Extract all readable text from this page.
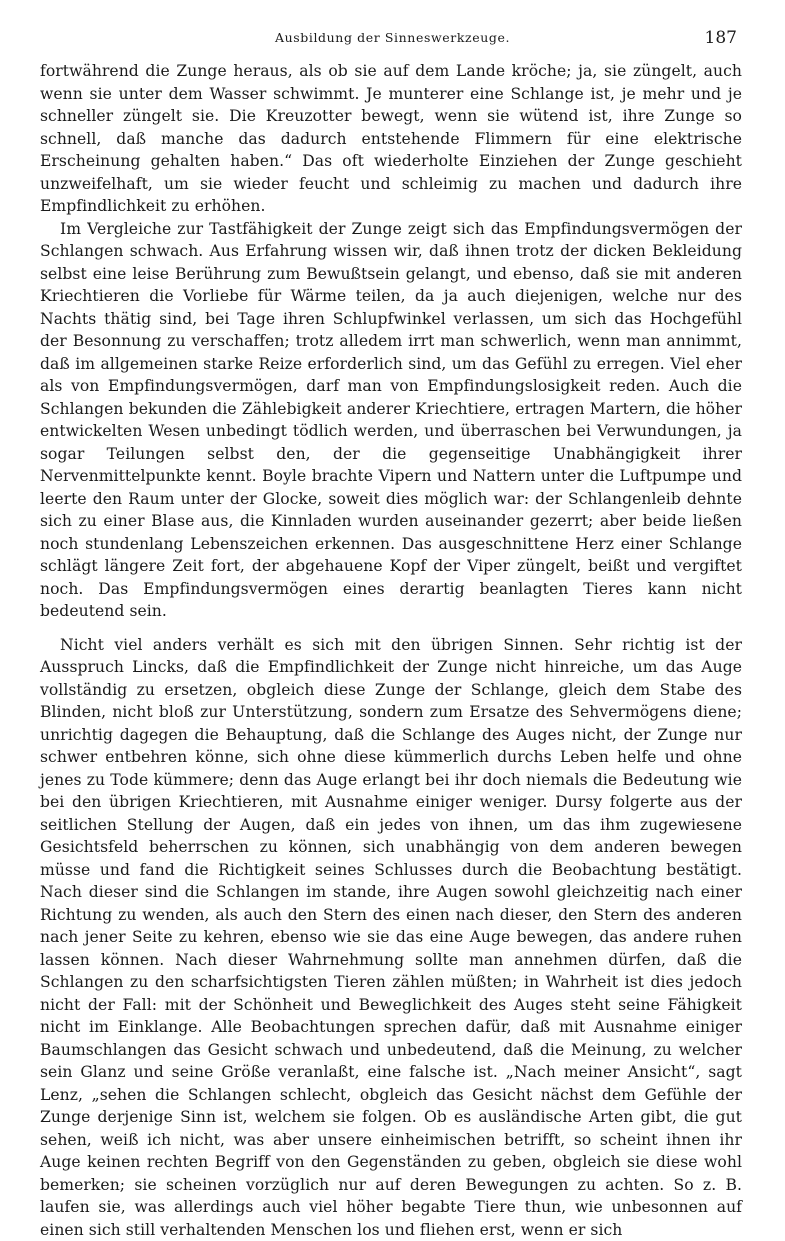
Ausbildung der Sinneswerkzeuge.	187

fortwährend die Zunge heraus, als ob sie auf dem Lande kröche; ja, sie züngelt, auch wenn sie unter dem Wasser schwimmt. Je munterer eine Schlange ist, je mehr und je schneller züngelt sie. Die Kreuzotter bewegt, wenn sie wütend ist, ihre Zunge so schnell, daß manche das dadurch entstehende Flimmern für eine elektrische Erscheinung gehalten haben.“ Das oft wiederholte Einziehen der Zunge geschieht unzweifelhaft, um sie wieder feucht und schleimig zu machen und dadurch ihre Empfindlichkeit zu erhöhen.

Im Vergleiche zur Tastfähigkeit der Zunge zeigt sich das Empfindungsvermögen der Schlangen schwach. Aus Erfahrung wissen wir, daß ihnen trotz der dicken Bekleidung selbst eine leise Berührung zum Bewußtsein gelangt, und ebenso, daß sie mit anderen Kriechtieren die Vorliebe für Wärme teilen, da ja auch diejenigen, welche nur des Nachts thätig sind, bei Tage ihren Schlupfwinkel verlassen, um sich das Hochgefühl der Besonnung zu verschaffen; trotz alledem irrt man schwerlich, wenn man annimmt, daß im allgemeinen starke Reize erforderlich sind, um das Gefühl zu erregen. Viel eher als von Empfindungsvermögen, darf man von Empfindungslosigkeit reden. Auch die Schlangen bekunden die Zählebigkeit anderer Kriechtiere, ertragen Martern, die höher entwickelten Wesen unbedingt tödlich werden, und überraschen bei Verwundungen, ja sogar Teilungen selbst den, der die gegenseitige Unabhängigkeit ihrer Nervenmittelpunkte kennt. Boyle brachte Vipern und Nattern unter die Luftpumpe und leerte den Raum unter der Glocke, soweit dies möglich war: der Schlangenleib dehnte sich zu einer Blase aus, die Kinnladen wurden auseinander gezerrt; aber beide ließen noch stundenlang Lebenszeichen erkennen. Das ausgeschnittene Herz einer Schlange schlägt längere Zeit fort, der abgehauene Kopf der Viper züngelt, beißt und vergiftet noch. Das Empfindungsvermögen eines derartig beanlagten Tieres kann nicht bedeutend sein.

Nicht viel anders verhält es sich mit den übrigen Sinnen. Sehr richtig ist der Ausspruch Lincks, daß die Empfindlichkeit der Zunge nicht hinreiche, um das Auge vollständig zu ersetzen, obgleich diese Zunge der Schlange, gleich dem Stabe des Blinden, nicht bloß zur Unterstützung, sondern zum Ersatze des Sehvermögens diene; unrichtig dagegen die Behauptung, daß die Schlange des Auges nicht, der Zunge nur schwer entbehren könne, sich ohne diese kümmerlich durchs Leben helfe und ohne jenes zu Tode kümmere; denn das Auge erlangt bei ihr doch niemals die Bedeutung wie bei den übrigen Kriechtieren, mit Ausnahme einiger weniger. Dursy folgerte aus der seitlichen Stellung der Augen, daß ein jedes von ihnen, um das ihm zugewiesene Gesichtsfeld beherrschen zu können, sich unabhängig von dem anderen bewegen müsse und fand die Richtigkeit seines Schlusses durch die Beobachtung bestätigt. Nach dieser sind die Schlangen im stande, ihre Augen sowohl gleichzeitig nach einer Richtung zu wenden, als auch den Stern des einen nach dieser, den Stern des anderen nach jener Seite zu kehren, ebenso wie sie das eine Auge bewegen, das andere ruhen lassen können. Nach dieser Wahrnehmung sollte man annehmen dürfen, daß die Schlangen zu den scharfsichtigsten Tieren zählen müßten; in Wahrheit ist dies jedoch nicht der Fall: mit der Schönheit und Beweglichkeit des Auges steht seine Fähigkeit nicht im Einklange. Alle Beobachtungen sprechen dafür, daß mit Ausnahme einiger Baumschlangen das Gesicht schwach und unbedeutend, daß die Meinung, zu welcher sein Glanz und seine Größe veranlaßt, eine falsche ist. „Nach meiner Ansicht“, sagt Lenz, „sehen die Schlangen schlecht, obgleich das Gesicht nächst dem Gefühle der Zunge derjenige Sinn ist, welchem sie folgen. Ob es ausländische Arten gibt, die gut sehen, weiß ich nicht, was aber unsere einheimischen betrifft, so scheint ihnen ihr Auge keinen rechten Begriff von den Gegenständen zu geben, obgleich sie diese wohl bemerken; sie scheinen vorzüglich nur auf deren Bewegungen zu achten. So z. B. laufen sie, was allerdings auch viel höher begabte Tiere thun, wie unbesonnen auf einen sich still verhaltenden Menschen los und fliehen erst, wenn er sich
